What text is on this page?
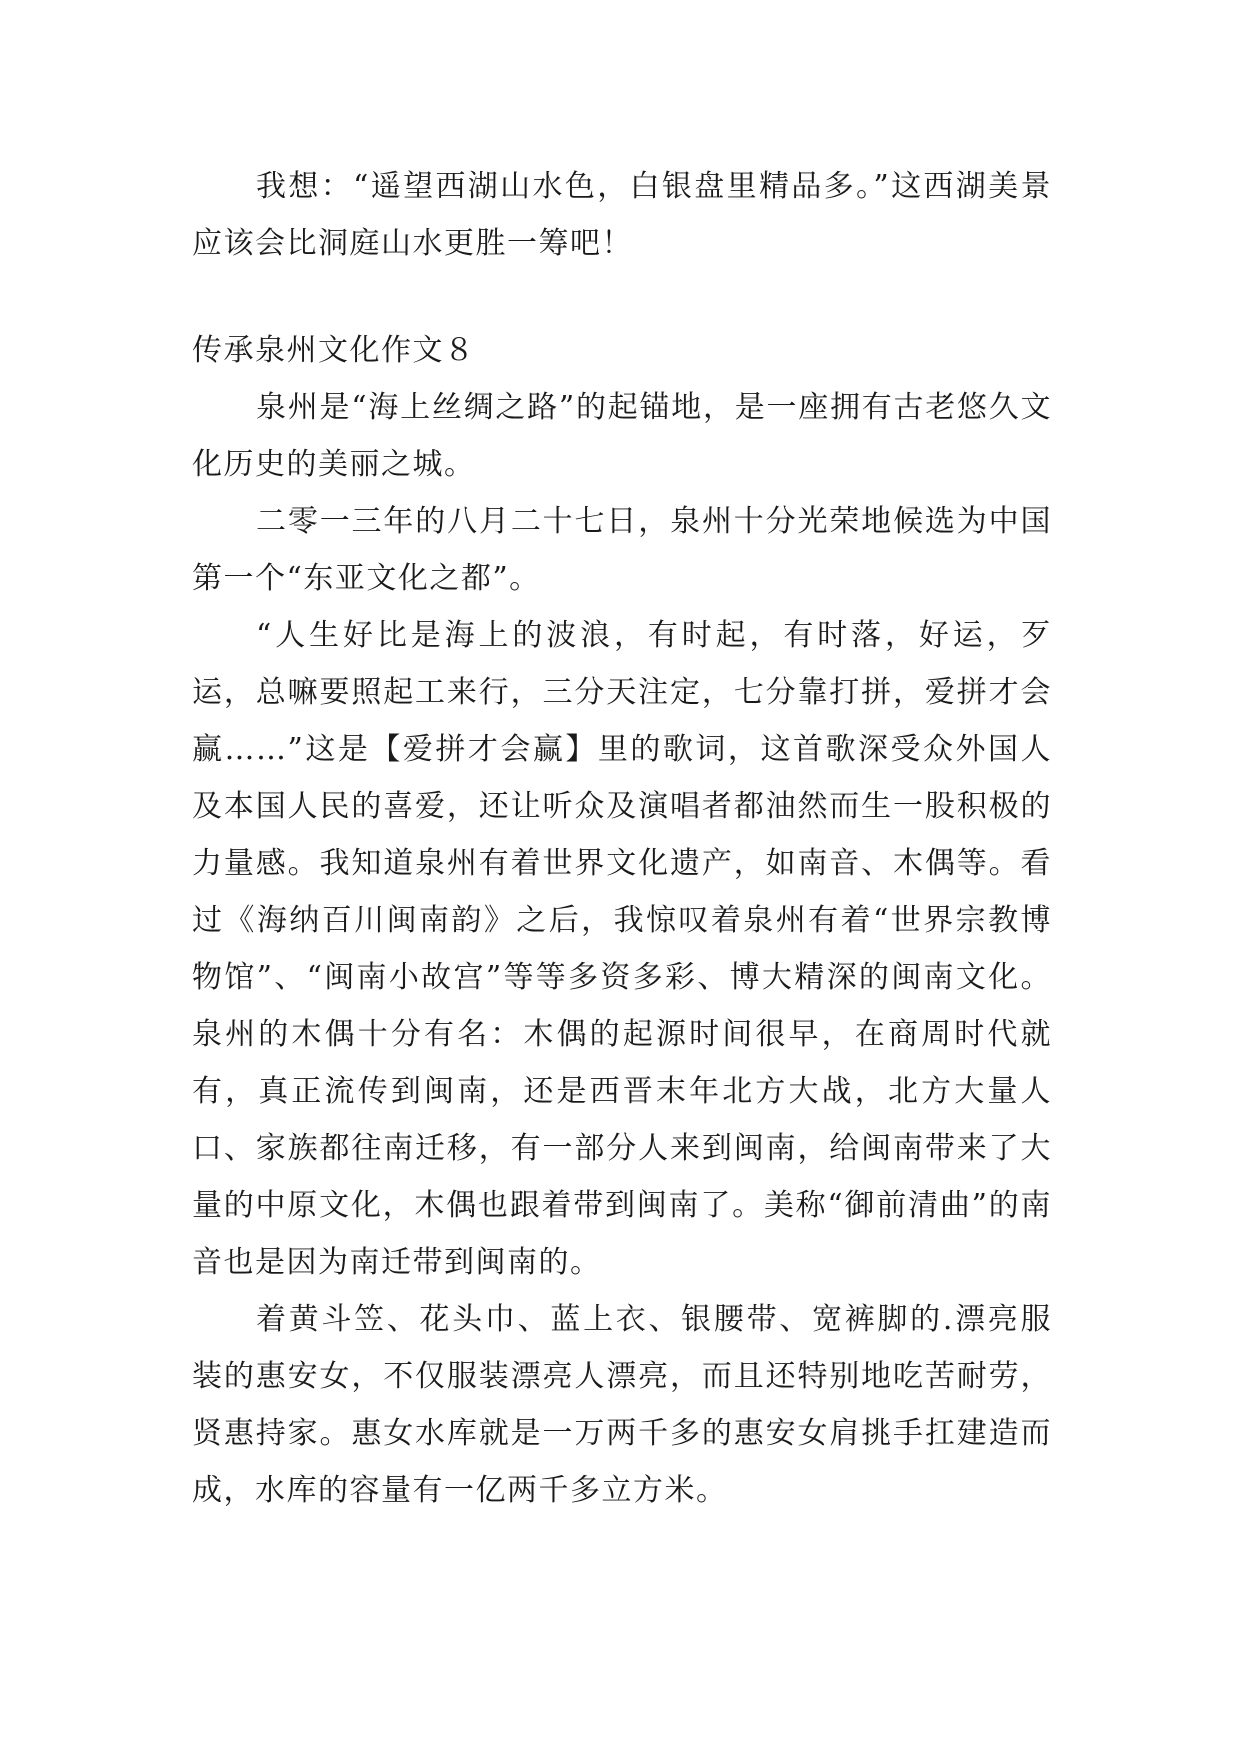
我想：“遥望西湖山水色，白银盘里精品多。”这西湖美景应该会比洞庭山水更胜一筹吧！

传承泉州文化作文８

泉州是“海上丝绸之路”的起锚地，是一座拥有古老悠久文化历史的美丽之城。

二零一三年的八月二十七日，泉州十分光荣地候选为中国第一个“东亚文化之都”。

“人生好比是海上的波浪，有时起，有时落，好运，歹运，总嘛要照起工来行，三分天注定，七分靠打拼，爱拼才会赢……”这是【爱拼才会赢】里的歌词，这首歌深受众外国人及本国人民的喜爱，还让听众及演唱者都油然而生一股积极的力量感。我知道泉州有着世界文化遗产，如南音、木偶等。看过《海纳百川闽南韵》之后，我惊叹着泉州有着“世界宗教博物馆”、“闽南小故宫”等等多资多彩、博大精深的闽南文化。泉州的木偶十分有名：木偶的起源时间很早，在商周时代就有，真正流传到闽南，还是西晋末年北方大战，北方大量人口、家族都往南迁移，有一部分人来到闽南，给闽南带来了大量的中原文化，木偶也跟着带到闽南了。美称“御前清曲”的南音也是因为南迁带到闽南的。

着黄斗笠、花头巾、蓝上衣、银腰带、宽裤脚的.漂亮服装的惠安女，不仅服装漂亮人漂亮，而且还特别地吃苦耐劳，贤惠持家。惠女水库就是一万两千多的惠安女肩挑手扛建造而成，水库的容量有一亿两千多立方米。
